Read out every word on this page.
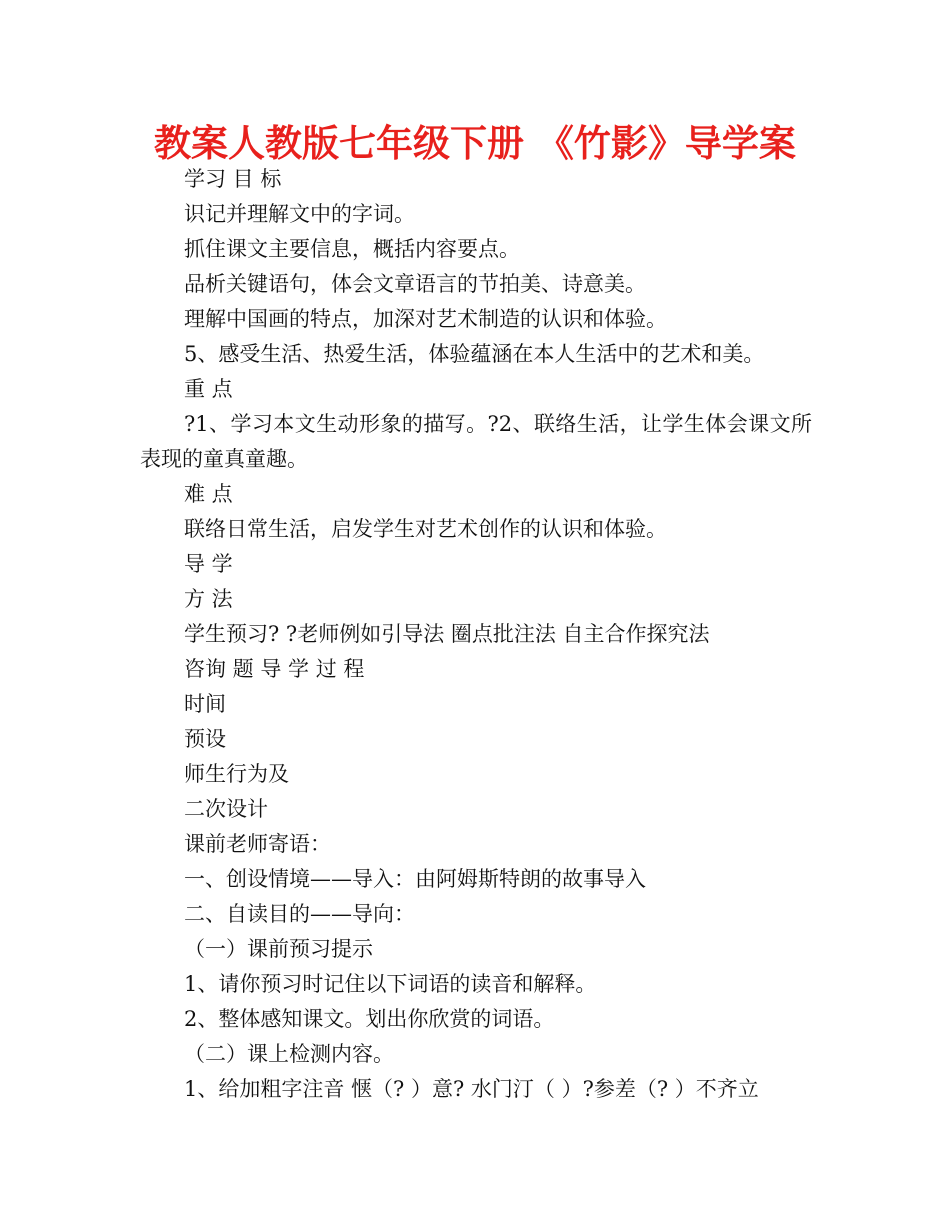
教案人教版七年级下册 《竹影》导学案
学习 目 标
识记并理解文中的字词。
抓住课文主要信息，概括内容要点。
品析关键语句，体会文章语言的节拍美、诗意美。
理解中国画的特点，加深对艺术制造的认识和体验。
5、感受生活、热爱生活，体验蕴涵在本人生活中的艺术和美。
重 点
?1、学习本文生动形象的描写。?2、联络生活，让学生体会课文所表现的童真童趣。
难 点
联络日常生活，启发学生对艺术创作的认识和体验。
导 学
方 法
学生预习? ?老师例如引导法 圈点批注法 自主合作探究法
咨询 题 导 学 过 程
时间
预设
师生行为及
二次设计
课前老师寄语：
一、创设情境——导入：由阿姆斯特朗的故事导入
二、自读目的——导向：
（一）课前预习提示
1、请你预习时记住以下词语的读音和解释。
2、整体感知课文。划出你欣赏的词语。
（二）课上检测内容。
1、给加粗字注音 惬（? ）意? 水门汀（ ）?参差（? ）不齐立
